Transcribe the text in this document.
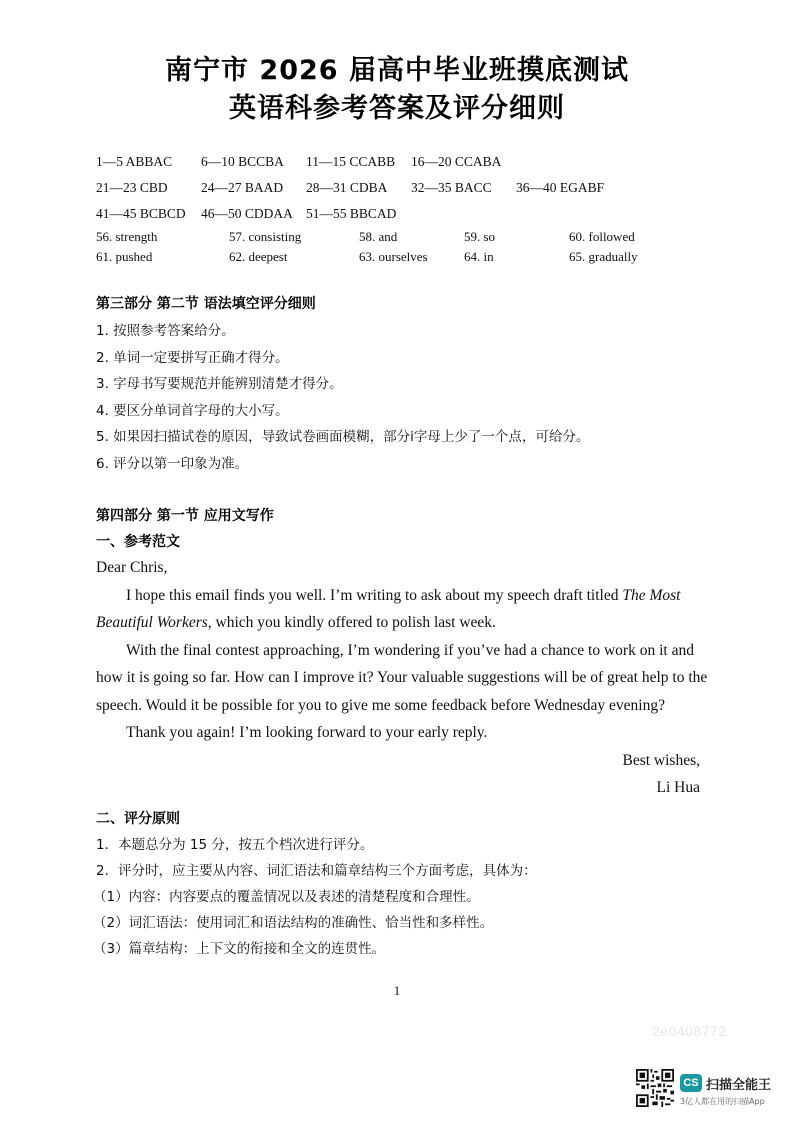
南宁市 2026 届高中毕业班摸底测试
英语科参考答案及评分细则
1—5 ABBAC 6—10 BCCBA 11—15 CCABB 16—20 CCABA
21—23 CBD 24—27 BAAD 28—31 CDBA 32—35 BACC 36—40 EGABF
41—45 BCBCD 46—50 CDDAA 51—55 BBCAD
56. strength	57. consisting	58. and	59. so	60. followed
61. pushed	62. deepest	63. ourselves	64. in	65. gradually
第三部分 第二节 语法填空评分细则
1. 按照参考答案给分。
2. 单词一定要拼写正确才得分。
3. 字母书写要规范并能辨别清楚才得分。
4. 要区分单词首字母的大小写。
5. 如果因扫描试卷的原因，导致试卷画面模糊，部分i字母上少了一个点，可给分。
6. 评分以第一印象为准。
第四部分 第一节 应用文写作
一、参考范文
Dear Chris,
I hope this email finds you well. I’m writing to ask about my speech draft titled The Most
Beautiful Workers, which you kindly offered to polish last week.
With the final contest approaching, I’m wondering if you’ve had a chance to work on it and
how it is going so far. How can I improve it? Your valuable suggestions will be of great help to the
speech. Would it be possible for you to give me some feedback before Wednesday evening?
Thank you again! I’m looking forward to your early reply.
Best wishes,
Li Hua
二、评分原则
1．本题总分为 15 分，按五个档次进行评分。
2．评分时，应主要从内容、词汇语法和篇章结构三个方面考虑，具体为：
（1）内容：内容要点的覆盖情况以及表述的清楚程度和合理性。
（2）词汇语法：使用词汇和语法结构的准确性、恰当性和多样性。
（3）篇章结构：上下文的衔接和全文的连贯性。
1
2e0408772
CS 扫描全能王
3亿人都在用的扫描App
